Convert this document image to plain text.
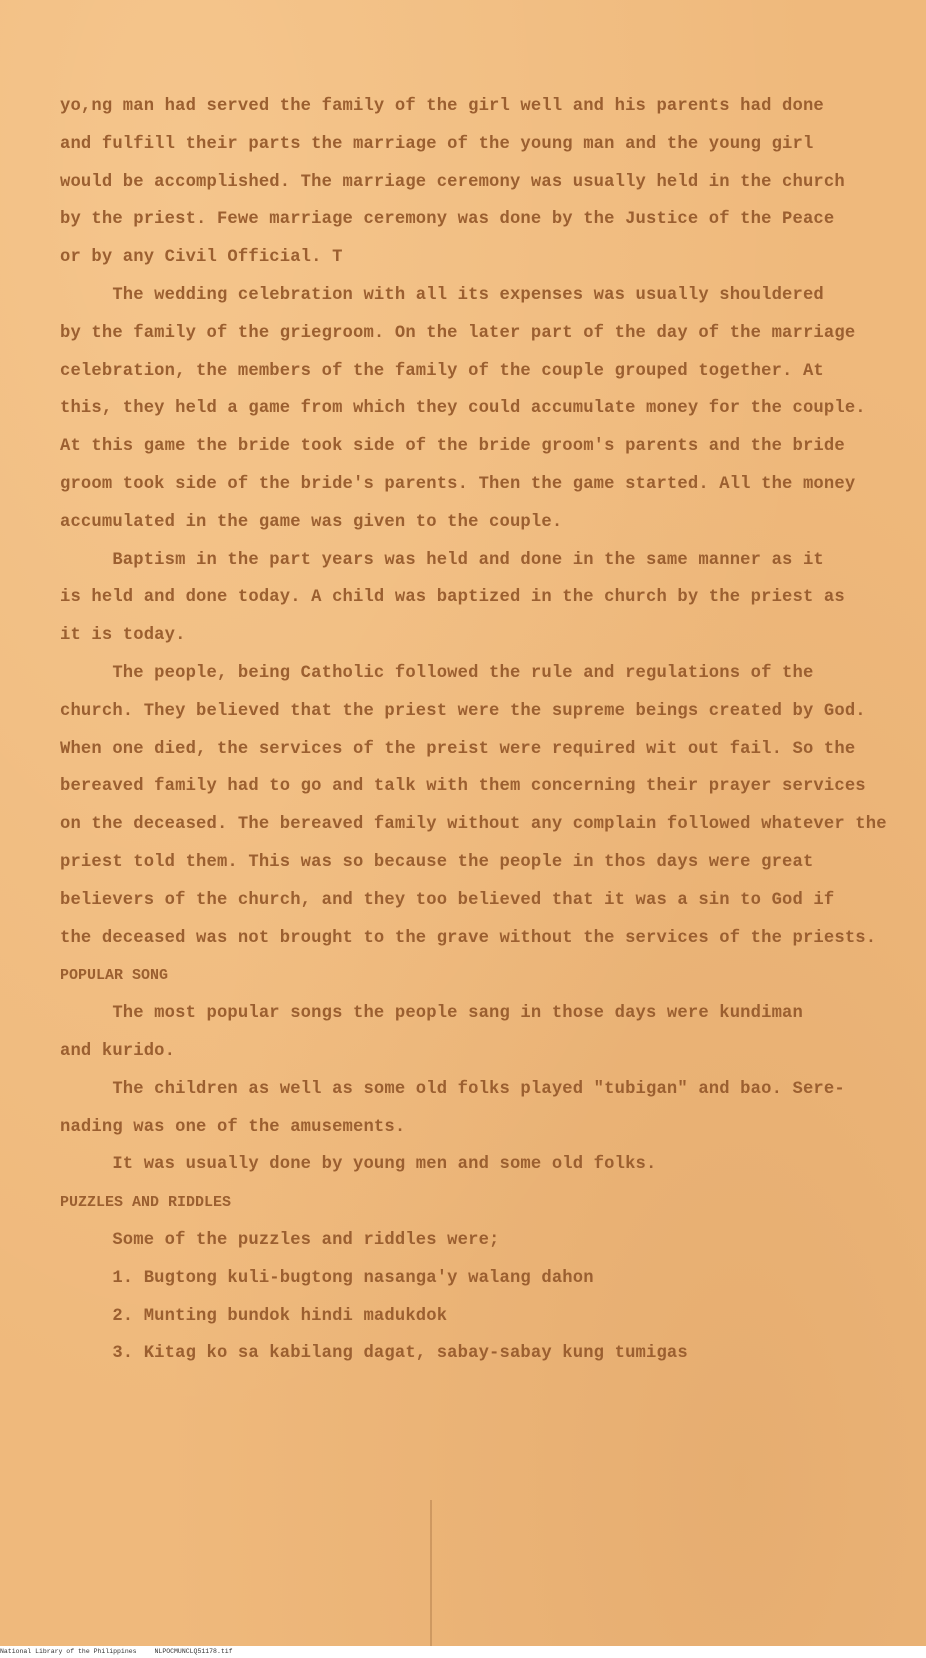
yo,ng man had served the family of the girl well and his parents had done

and fulfill their parts the marriage of the young man and the young girl

would be accomplished. The marriage ceremony was usually held in the church

by the priest. Fewe marriage ceremony was done by the Justice of the Peace

or by any Civil Official. T

The wedding celebration with all its expenses was usually shouldered

by the family of the griegroom. On the later part of the day of the marriage

celebration, the members of the family of the couple grouped together. At

this, they held a game from which they could accumulate money for the couple.

At this game the bride took side of the bride groom's parents and the bride

groom took side of the bride's parents. Then the game started. All the money

accumulated in the game was given to the couple.

Baptism in the part years was held and done in the same manner as it

is held and done today. A child was baptized in the church by the priest as

it is today.

The people, being Catholic followed the rule and regulations of the

church. They believed that the priest were the supreme beings created by God.

When one died, the services of the preist were required wit out fail. So the

bereaved family had to go and talk with them concerning their prayer services

on the deceased. The bereaved family without any complain followed whatever the

priest told them. This was so because the people in thos days were great

believers of the church, and they too believed that it was a sin to God if

the deceased was not brought to the grave without the services of the priests.

POPULAR SONG

The most popular songs the people sang in those days were kundiman

and kurido.

The children as well as some old folks played "tubigan" and bao. Sere-

nading was one of the amusements.

It was usually done by young men and some old folks.

PUZZLES AND RIDDLES

Some of the puzzles and riddles were;

1. Bugtong kuli-bugtong nasanga'y walang dahon

2. Munting bundok hindi madukdok

3. Kitag ko sa kabilang dagat, sabay-sabay kung tumigas

National Library of the Philippines	NLPOCMUNCLQ51178.tif
